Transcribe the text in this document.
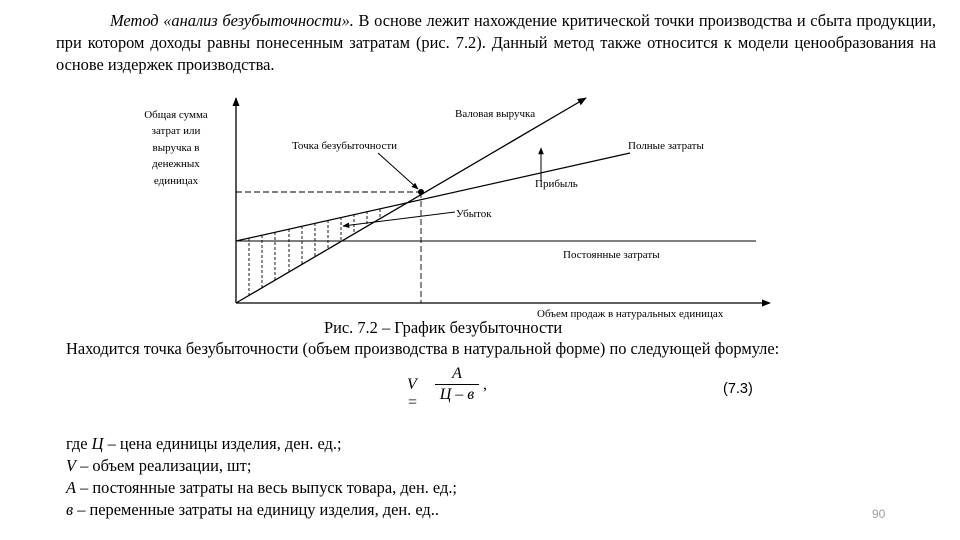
Метод «анализ безубыточности». В основе лежит нахождение критической точки производства и сбыта продукции, при котором доходы равны понесенным затратам (рис. 7.2). Данный метод также относится к модели ценообразования на основе издержек производства.
Общая сумма
затрат или
выручка в
денежных
единицах
Валовая выручка
Точка безубыточности	Полные затраты
Прибыль
Убыток
Постоянные затраты
Объем продаж в натуральных единицах
Рис. 7.2 – График безубыточности
Находится точка безубыточности (объем производства в натуральной форме) по следующей формуле:
V =
А
Ц – в
,	(7.3)
где Ц – цена единицы изделия, ден. ед.;
V – объем реализации, шт;
А – постоянные затраты на весь выпуск товара, ден. ед.;
в – переменные затраты на единицу изделия, ден. ед..	90
